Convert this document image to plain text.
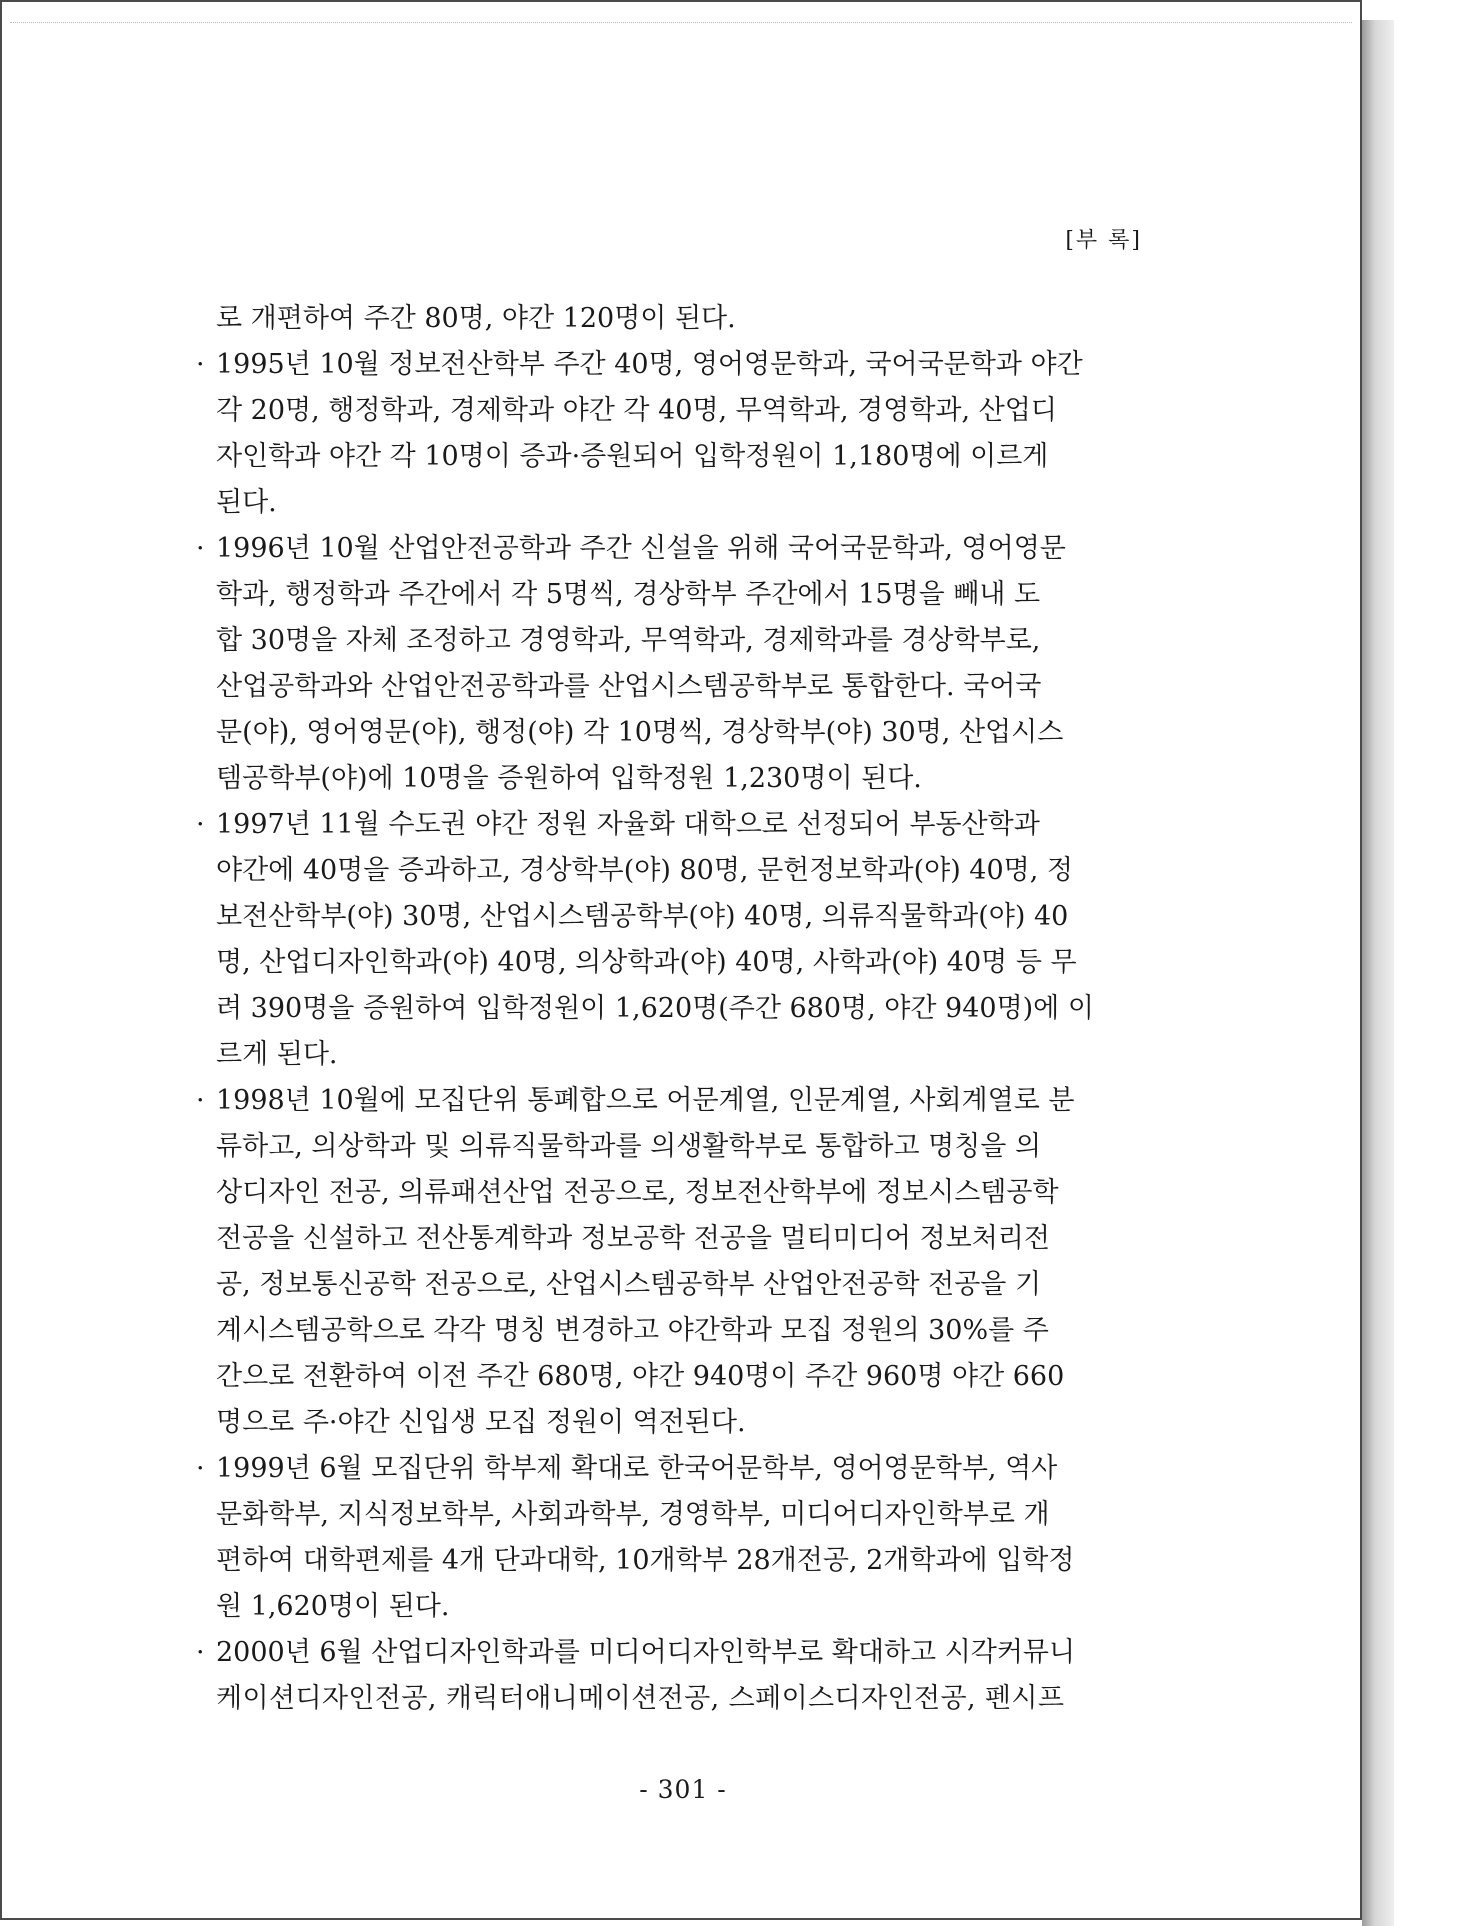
[부 록]
로 개편하여 주간 80명, 야간 120명이 된다.
· 1995년 10월 정보전산학부 주간 40명, 영어영문학과, 국어국문학과 야간
각 20명, 행정학과, 경제학과 야간 각 40명, 무역학과, 경영학과, 산업디
자인학과 야간 각 10명이 증과·증원되어 입학정원이 1,180명에 이르게
된다.
· 1996년 10월 산업안전공학과 주간 신설을 위해 국어국문학과, 영어영문
학과, 행정학과 주간에서 각 5명씩, 경상학부 주간에서 15명을 빼내 도
합 30명을 자체 조정하고 경영학과, 무역학과, 경제학과를 경상학부로,
산업공학과와 산업안전공학과를 산업시스템공학부로 통합한다. 국어국
문(야), 영어영문(야), 행정(야) 각 10명씩, 경상학부(야) 30명, 산업시스
템공학부(야)에 10명을 증원하여 입학정원 1,230명이 된다.
· 1997년 11월 수도권 야간 정원 자율화 대학으로 선정되어 부동산학과
야간에 40명을 증과하고, 경상학부(야) 80명, 문헌정보학과(야) 40명, 정
보전산학부(야) 30명, 산업시스템공학부(야) 40명, 의류직물학과(야) 40
명, 산업디자인학과(야) 40명, 의상학과(야) 40명, 사학과(야) 40명 등 무
려 390명을 증원하여 입학정원이 1,620명(주간 680명, 야간 940명)에 이
르게 된다.
· 1998년 10월에 모집단위 통폐합으로 어문계열, 인문계열, 사회계열로 분
류하고, 의상학과 및 의류직물학과를 의생활학부로 통합하고 명칭을 의
상디자인 전공, 의류패션산업 전공으로, 정보전산학부에 정보시스템공학
전공을 신설하고 전산통계학과 정보공학 전공을 멀티미디어 정보처리전
공, 정보통신공학 전공으로, 산업시스템공학부 산업안전공학 전공을 기
계시스템공학으로 각각 명칭 변경하고 야간학과 모집 정원의 30%를 주
간으로 전환하여 이전 주간 680명, 야간 940명이 주간 960명 야간 660
명으로 주·야간 신입생 모집 정원이 역전된다.
· 1999년 6월 모집단위 학부제 확대로 한국어문학부, 영어영문학부, 역사
문화학부, 지식정보학부, 사회과학부, 경영학부, 미디어디자인학부로 개
편하여 대학편제를 4개 단과대학, 10개학부 28개전공, 2개학과에 입학정
원 1,620명이 된다.
· 2000년 6월 산업디자인학과를 미디어디자인학부로 확대하고 시각커뮤니
케이션디자인전공, 캐릭터애니메이션전공, 스페이스디자인전공, 펜시프
- 301 -
